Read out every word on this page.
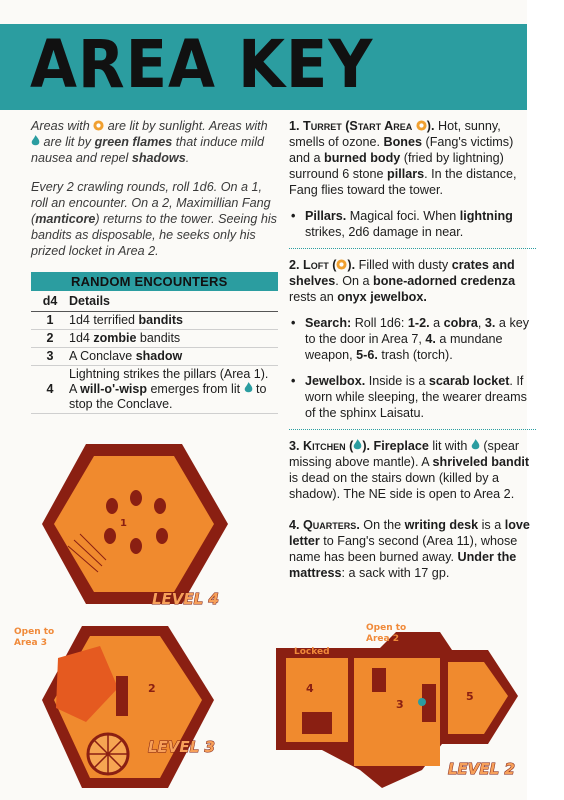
AREA KEY

Areas with  are lit by sunlight. Areas with  are lit by green flames that induce mild nausea and repel shadows.

Every 2 crawling rounds, roll 1d6. On a 1, roll an encounter. On a 2, Maximillian Fang (manticore) returns to the tower. Seeing his bandits as disposable, he seeks only his prized locket in Area 2.

RANDOM ENCOUNTERS
d4	Details
1	1d4 terrified bandits
2	1d4 zombie bandits
3	A Conclave shadow
4	Lightning strikes the pillars (Area 1). A will-o'-wisp emerges from lit  to stop the Conclave.

1. Turret (Start Area ). Hot, sunny, smells of ozone. Bones (Fang's victims) and a burned body (fried by lightning) surround 6 stone pillars. In the distance, Fang flies toward the tower.

• Pillars. Magical foci. When lightning strikes, 2d6 damage in near.

2. Loft ( ). Filled with dusty crates and shelves. On a bone-adorned credenza rests an onyx jewelbox.

• Search: Roll 1d6: 1-2. a cobra, 3. a key to the door in Area 7, 4. a mundane weapon, 5-6. trash (torch).
• Jewelbox. Inside is a scarab locket. If worn while sleeping, the wearer dreams of the sphinx Laisatu.

3. Kitchen ( ). Fireplace lit with  (spear missing above mantle). A shriveled bandit is dead on the stairs down (killed by a shadow). The NE side is open to Area 2.

4. Quarters. On the writing desk is a love letter to Fang's second (Area 11), whose name has been burned away. Under the mattress: a sack with 17 gp.

1
LEVEL 4
2
Open to
Area 3
LEVEL 3
4
3
5
Locked
Open to
Area 2
LEVEL 2
